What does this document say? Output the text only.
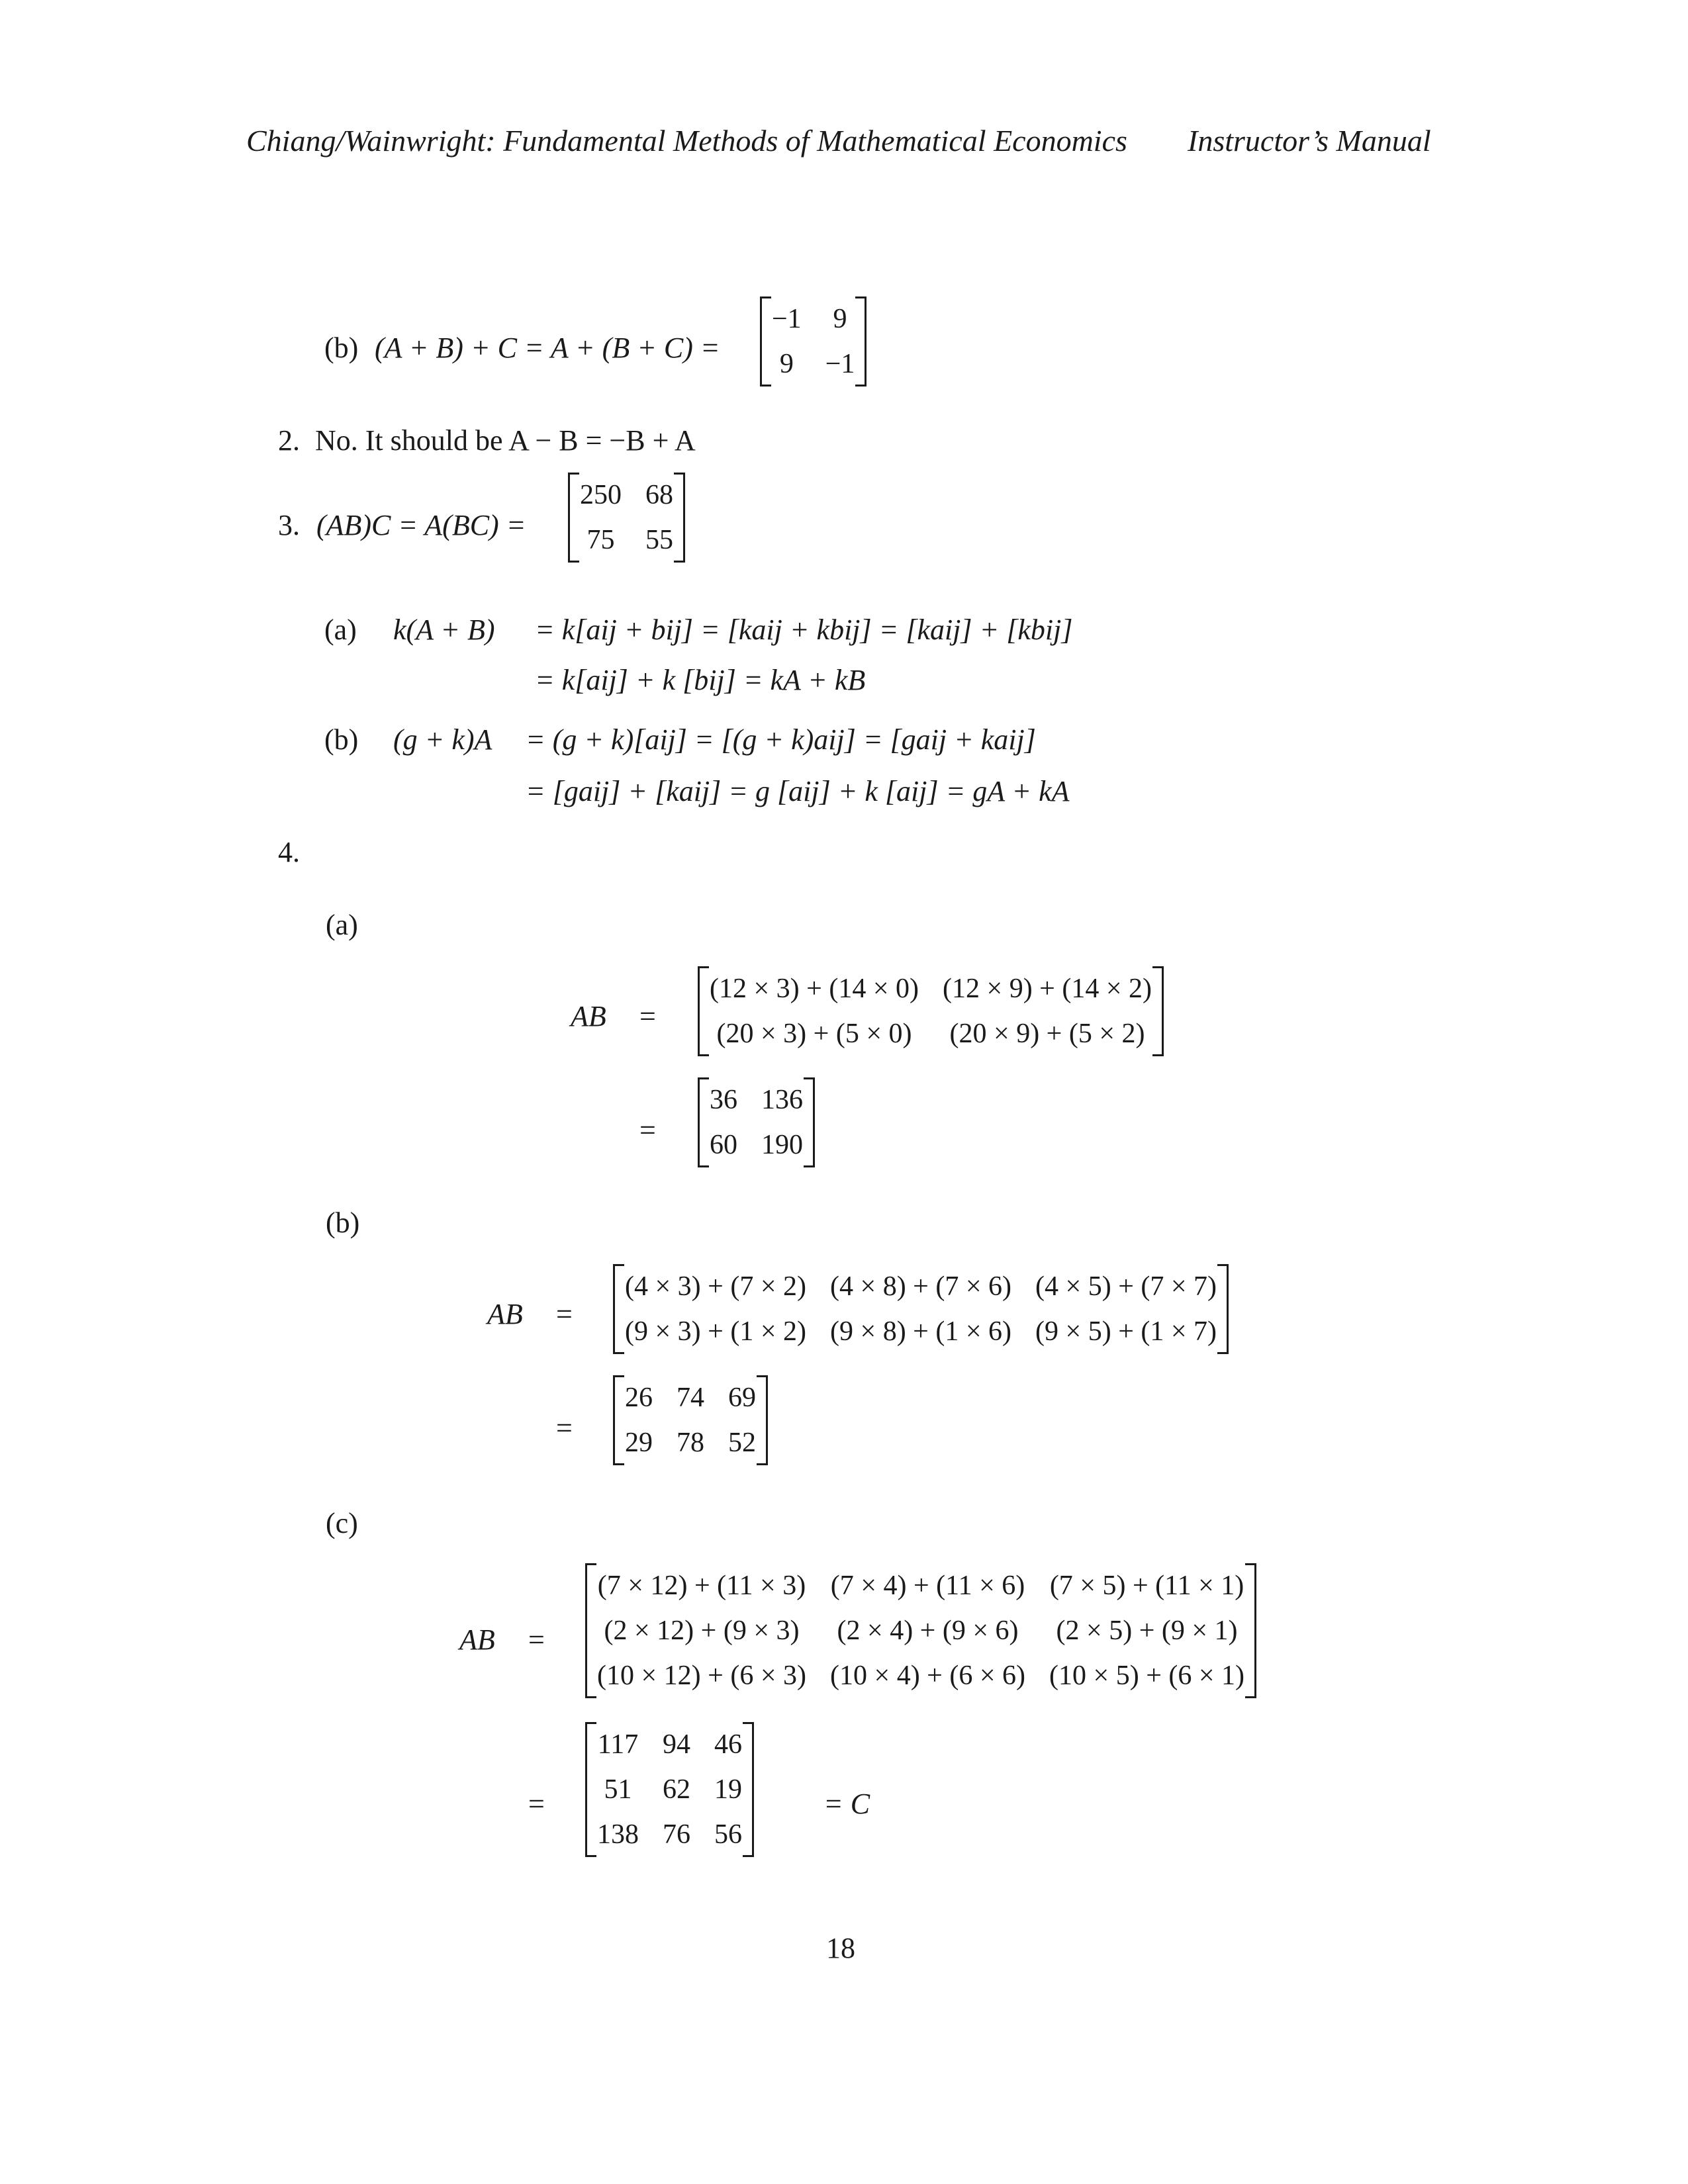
Chiang/Wainwright: Fundamental Methods of Mathematical Economics Instructor’s Manual
(b) (A + B) + C = A + (B + C) =
−1	9
9	−1
2. No. It should be A − B = −B + A
3. (AB)C = A(BC) =
250	68
75	55
(a) k(A + B) = k[aij + bij] = [kaij + kbij] = [kaij] + [kbij]
= k[aij] + k [bij] = kA + kB
(b) (g + k)A = (g + k)[aij] = [(g + k)aij] = [gaij + kaij]
= [gaij] + [kaij] = g [aij] + k [aij] = gA + kA
4.
(a)
AB =
(12 × 3) + (14 × 0)	(12 × 9) + (14 × 2)
(20 × 3) + (5 × 0)	(20 × 9) + (5 × 2)
=
36	136
60	190
(b)
AB =
(4 × 3) + (7 × 2)	(4 × 8) + (7 × 6)	(4 × 5) + (7 × 7)
(9 × 3) + (1 × 2)	(9 × 8) + (1 × 6)	(9 × 5) + (1 × 7)
=
26	74	69
29	78	52
(c)
AB =
(7 × 12) + (11 × 3)	(7 × 4) + (11 × 6)	(7 × 5) + (11 × 1)
(2 × 12) + (9 × 3)	(2 × 4) + (9 × 6)	(2 × 5) + (9 × 1)
(10 × 12) + (6 × 3)	(10 × 4) + (6 × 6)	(10 × 5) + (6 × 1)
=
117	94	46
51	62	19
138	76	56
= C
18
